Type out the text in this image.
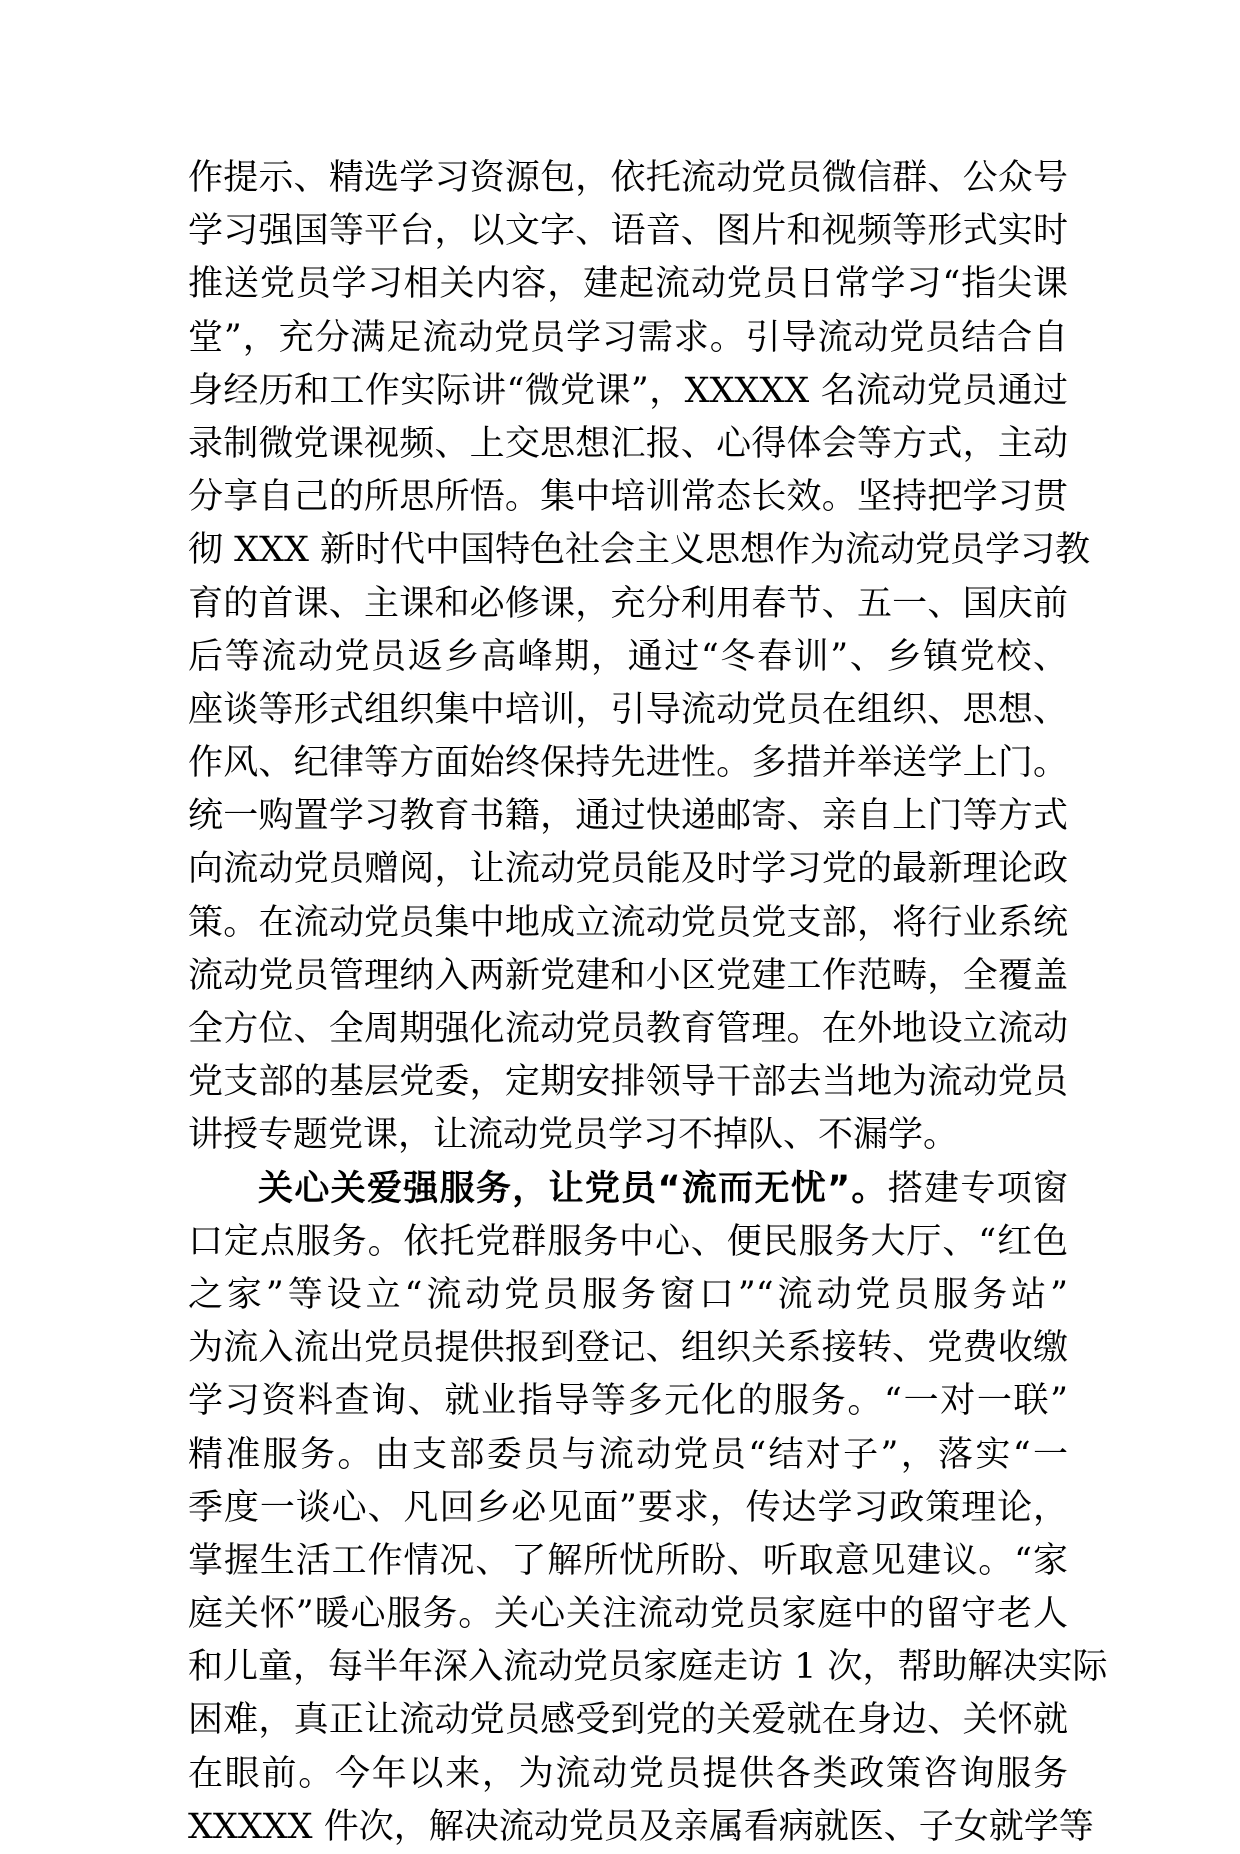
作提示、精选学习资源包，依托流动党员微信群、公众号
学习强国等平台，以文字、语音、图片和视频等形式实时
推送党员学习相关内容，建起流动党员日常学习“指尖课
堂”，充分满足流动党员学习需求。引导流动党员结合自
身经历和工作实际讲“微党课”，XXXXX 名流动党员通过
录制微党课视频、上交思想汇报、心得体会等方式，主动
分享自己的所思所悟。集中培训常态长效。坚持把学习贯
彻 XXX 新时代中国特色社会主义思想作为流动党员学习教
育的首课、主课和必修课，充分利用春节、五一、国庆前
后等流动党员返乡高峰期，通过“冬春训”、乡镇党校、
座谈等形式组织集中培训，引导流动党员在组织、思想、
作风、纪律等方面始终保持先进性。多措并举送学上门。
统一购置学习教育书籍，通过快递邮寄、亲自上门等方式
向流动党员赠阅，让流动党员能及时学习党的最新理论政
策。在流动党员集中地成立流动党员党支部，将行业系统
流动党员管理纳入两新党建和小区党建工作范畴，全覆盖
全方位、全周期强化流动党员教育管理。在外地设立流动
党支部的基层党委，定期安排领导干部去当地为流动党员
讲授专题党课，让流动党员学习不掉队、不漏学。
关心关爱强服务，让党员“流而无忧”。搭建专项窗
口定点服务。依托党群服务中心、便民服务大厅、“红色
之家”等设立“流动党员服务窗口”“流动党员服务站”
为流入流出党员提供报到登记、组织关系接转、党费收缴
学习资料查询、就业指导等多元化的服务。“一对一联”
精准服务。由支部委员与流动党员“结对子”，落实“一
季度一谈心、凡回乡必见面”要求，传达学习政策理论，
掌握生活工作情况、了解所忧所盼、听取意见建议。“家
庭关怀”暖心服务。关心关注流动党员家庭中的留守老人
和儿童，每半年深入流动党员家庭走访 1 次，帮助解决实际
困难，真正让流动党员感受到党的关爱就在身边、关怀就
在眼前。今年以来，为流动党员提供各类政策咨询服务
XXXXX 件次，解决流动党员及亲属看病就医、子女就学等
